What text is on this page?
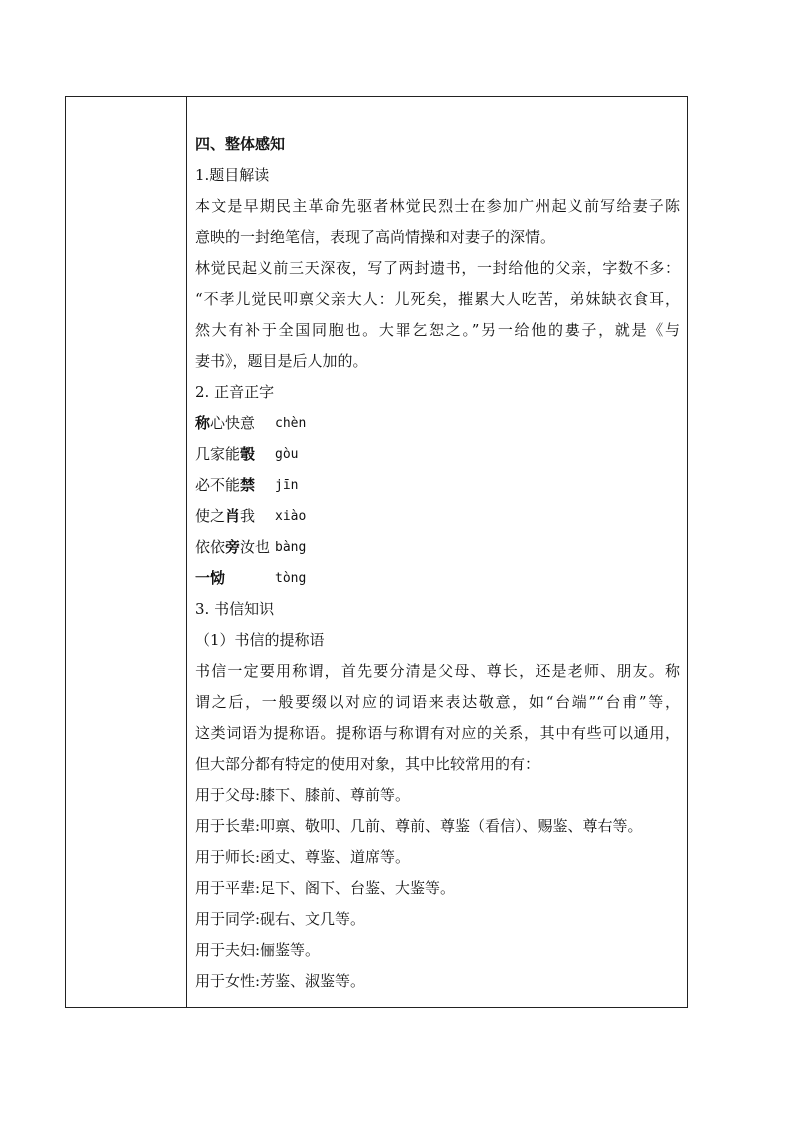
四、整体感知
1.题目解读
本文是早期民主革命先驱者林觉民烈士在参加广州起义前写给妻子陈
意映的一封绝笔信，表现了高尚情操和对妻子的深情。
林觉民起义前三天深夜，写了两封遗书，一封给他的父亲，字数不多：
“不孝儿觉民叩禀父亲大人：儿死矣，摧累大人吃苦，弟妹缺衣食耳，
然大有补于全国同胞也。大罪乞恕之。”另一给他的婁子，就是《与
妻书》，题目是后人加的。
2. 正音正字
称心快意	chèn
几家能彀	gòu
必不能禁	jīn
使之肖我	xiào
依依旁汝也 bàng
一恸	tòng
3. 书信知识
（1）书信的提称语
书信一定要用称谓，首先要分清是父母、尊长，还是老师、朋友。称
谓之后，一般要缀以对应的词语来表达敬意，如“台端”“台甫”等，
这类词语为提称语。提称语与称谓有对应的关系，其中有些可以通用，
但大部分都有特定的使用对象，其中比较常用的有：
用于父母:膝下、膝前、尊前等。
用于长辈:叩禀、敬叩、几前、尊前、尊鉴（看信）、赐鉴、尊右等。
用于师长:函丈、尊鉴、道席等。
用于平辈:足下、阁下、台鉴、大鉴等。
用于同学:砚右、文几等。
用于夫妇:俪鉴等。
用于女性:芳鉴、淑鉴等。
